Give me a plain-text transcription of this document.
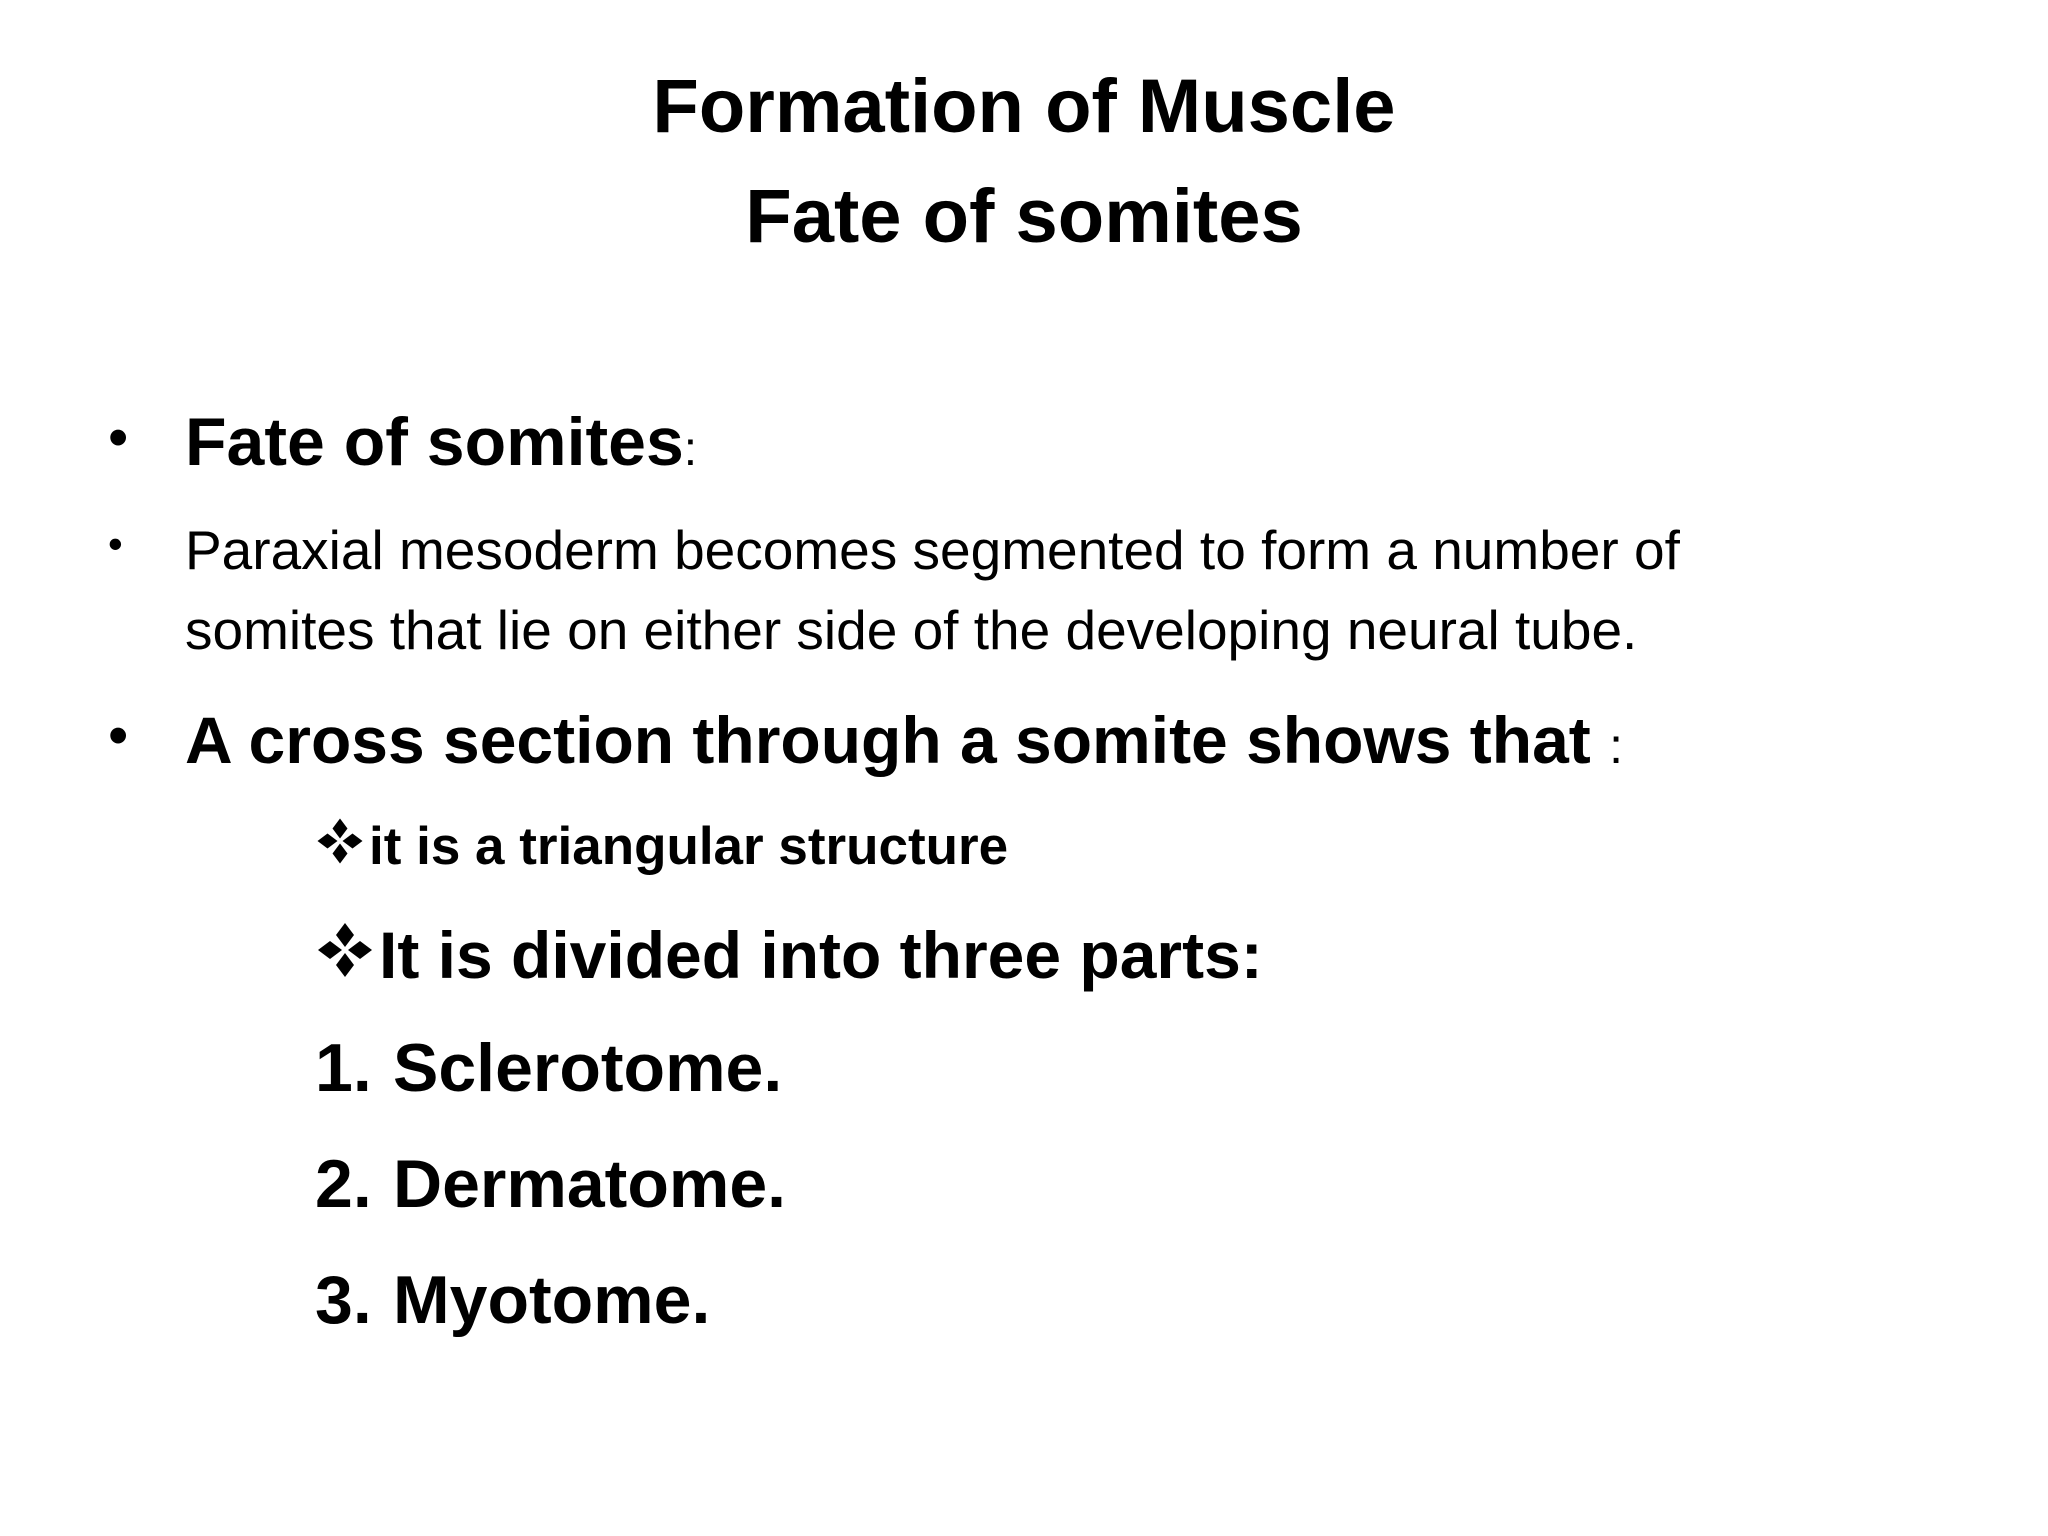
Formation of Muscle
Fate of somites
• Fate of somites:
• Paraxial mesoderm becomes segmented to form a number of
somites that lie on either side of the developing neural tube.
• A cross section through a somite shows that :
it is a triangular structure
It is divided into three parts:
1. Sclerotome.
2. Dermatome.
3. Myotome.
